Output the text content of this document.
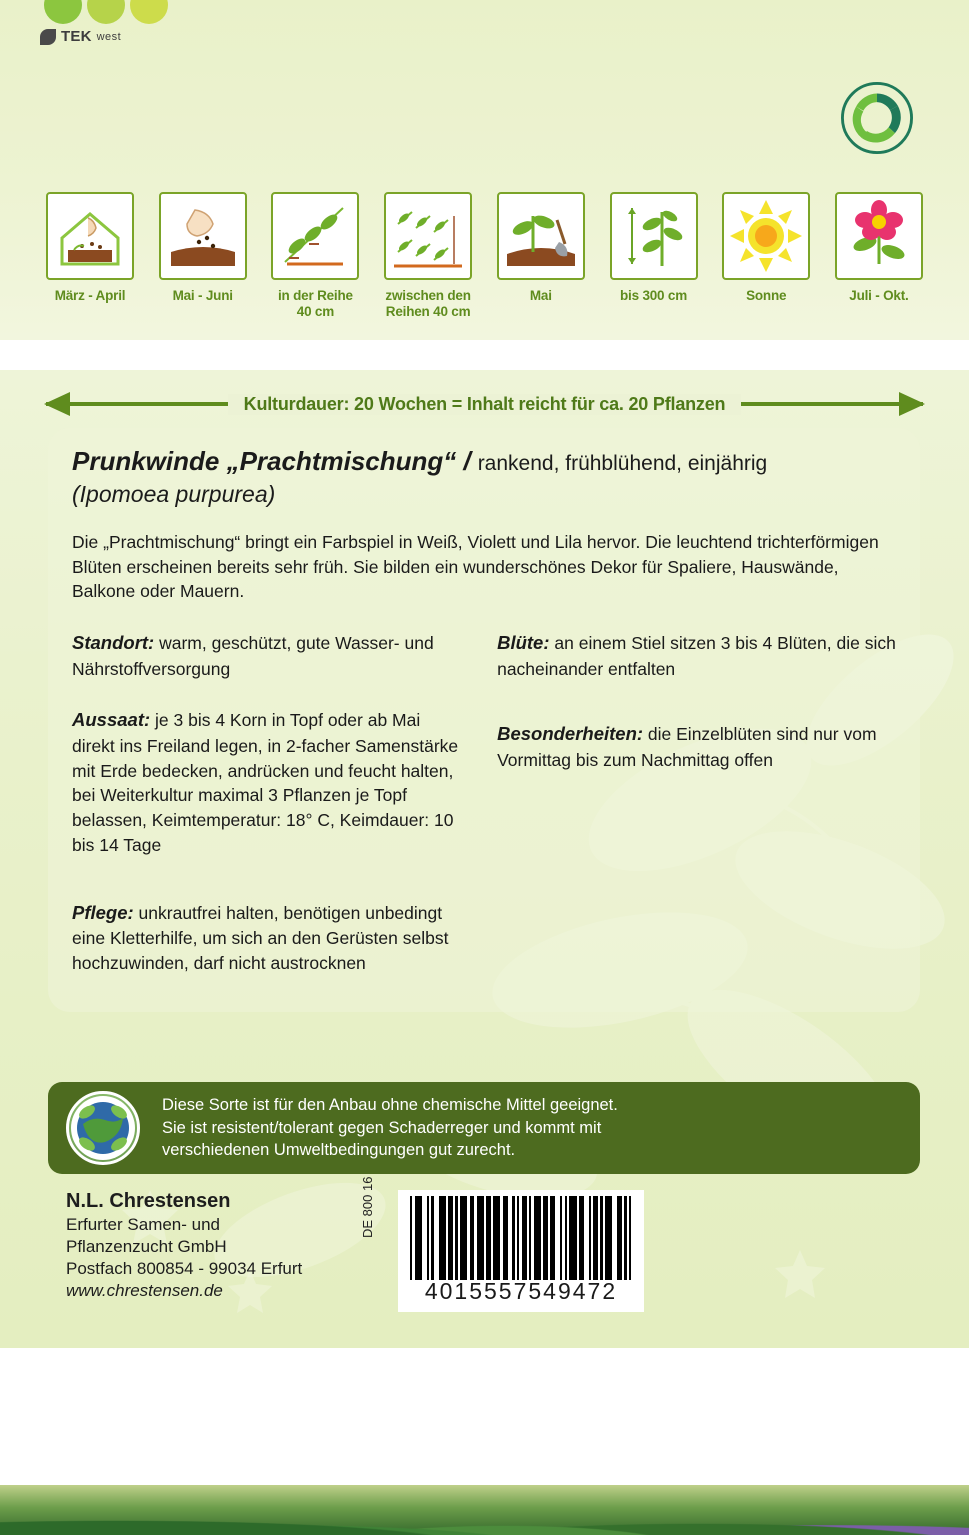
TEK west
März - April	Mai - Juni	in der Reihe 40 cm
zwischen den Reihen 40 cm
Mai	bis 300 cm	Sonne	Juli - Okt.
Kulturdauer: 20 Wochen = Inhalt reicht für ca. 20 Pflanzen
Prunkwinde „Prachtmischung“ / rankend, frühblühend, einjährig
(Ipomoea purpurea)

Die „Prachtmischung“ bringt ein Farbspiel in Weiß, Violett und Lila hervor. Die leuchtend trichterförmigen Blüten erscheinen bereits sehr früh. Sie bilden ein wunderschönes Dekor für Spaliere, Hauswände, Balkone oder Mauern.

Standort: warm, geschützt, gute Wasser- und Nährstoffversorgung

Aussaat: je 3 bis 4 Korn in Topf oder ab Mai direkt ins Freiland legen, in 2-facher Samenstärke mit Erde bedecken, andrücken und feucht halten, bei Weiterkultur maximal 3 Pflanzen je Topf belassen, Keimtemperatur: 18° C, Keimdauer: 10 bis 14 Tage

Pflege: unkrautfrei halten, benötigen unbedingt eine Kletterhilfe, um sich an den Gerüsten selbst hochzuwinden, darf nicht austrocknen

Blüte: an einem Stiel sitzen 3 bis 4 Blüten, die sich nacheinander entfalten

Besonderheiten: die Einzelblüten sind nur vom Vormittag bis zum Nachmittag offen

Diese Sorte ist für den Anbau ohne chemische Mittel geeignet.
Sie ist resistent/tolerant gegen Schaderreger und kommt mit
verschiedenen Umweltbedingungen gut zurecht.
N.L. Chrestensen
Erfurter Samen- und
Pflanzenzucht GmbH
Postfach 800854 - 99034 Erfurt
www.chrestensen.de	4015557549472
DE 800 16
